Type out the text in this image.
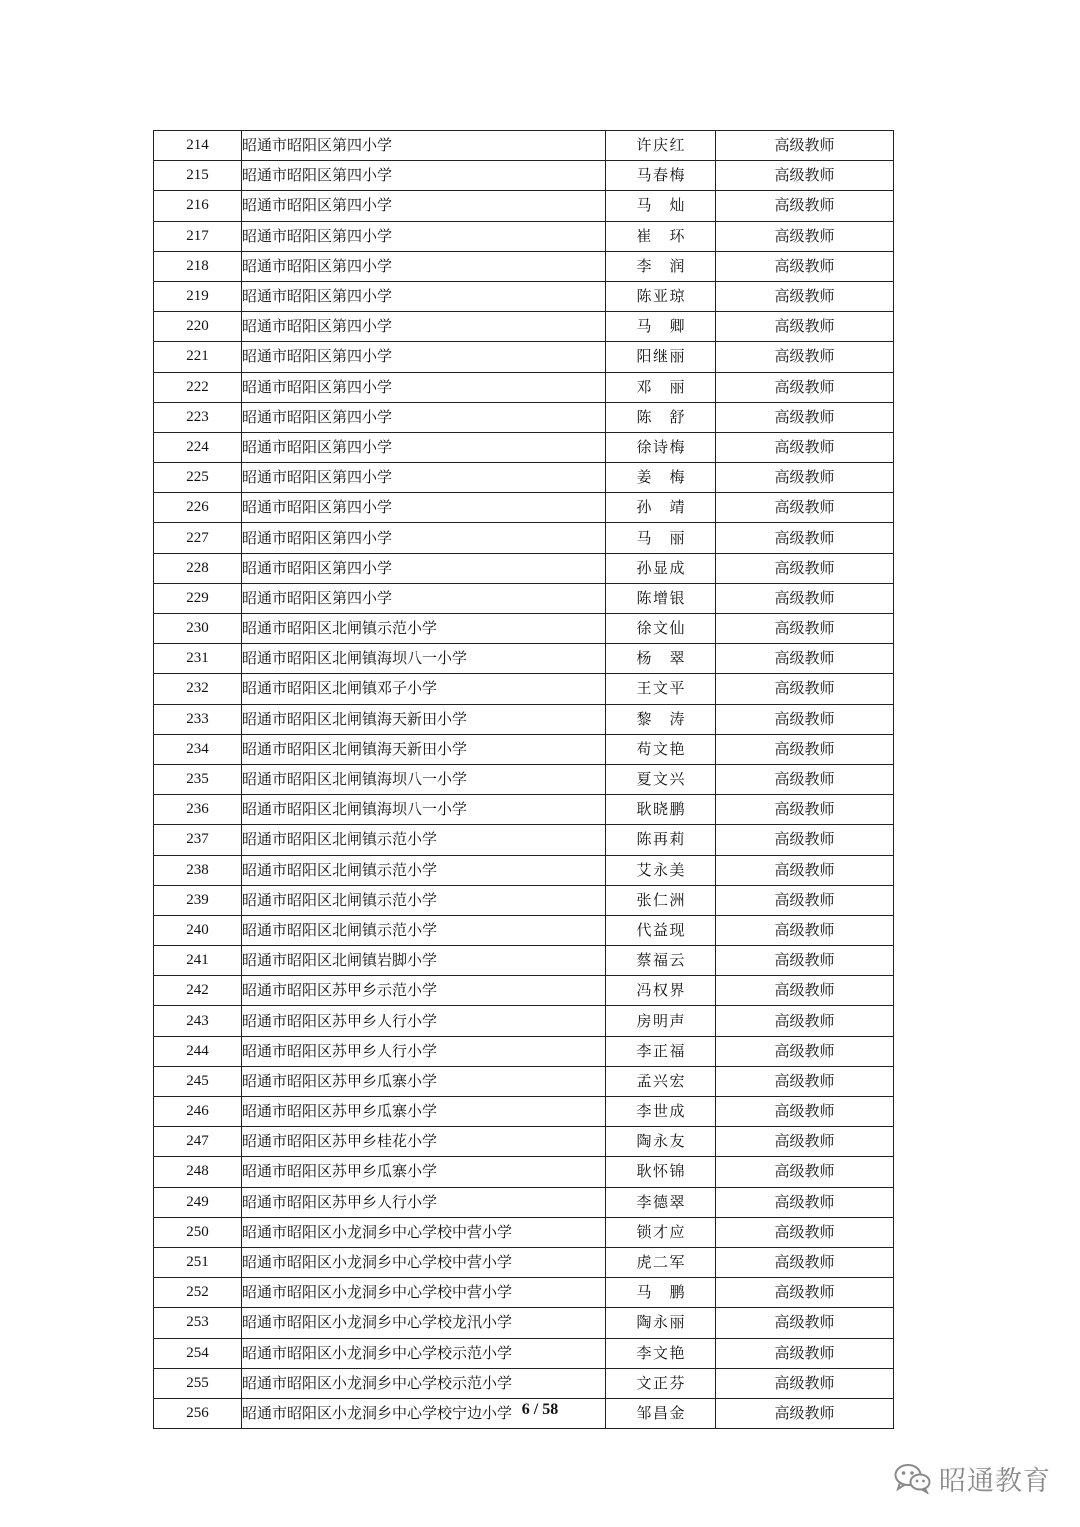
214	昭通市昭阳区第四小学	许庆红	高级教师
215	昭通市昭阳区第四小学	马春梅	高级教师
216	昭通市昭阳区第四小学	马灿	高级教师
217	昭通市昭阳区第四小学	崔环	高级教师
218	昭通市昭阳区第四小学	李润	高级教师
219	昭通市昭阳区第四小学	陈亚琼	高级教师
220	昭通市昭阳区第四小学	马卿	高级教师
221	昭通市昭阳区第四小学	阳继丽	高级教师
222	昭通市昭阳区第四小学	邓丽	高级教师
223	昭通市昭阳区第四小学	陈舒	高级教师
224	昭通市昭阳区第四小学	徐诗梅	高级教师
225	昭通市昭阳区第四小学	姜梅	高级教师
226	昭通市昭阳区第四小学	孙靖	高级教师
227	昭通市昭阳区第四小学	马丽	高级教师
228	昭通市昭阳区第四小学	孙显成	高级教师
229	昭通市昭阳区第四小学	陈增银	高级教师
230	昭通市昭阳区北闸镇示范小学	徐文仙	高级教师
231	昭通市昭阳区北闸镇海坝八一小学	杨翠	高级教师
232	昭通市昭阳区北闸镇邓子小学	王文平	高级教师
233	昭通市昭阳区北闸镇海天新田小学	黎涛	高级教师
234	昭通市昭阳区北闸镇海天新田小学	苟文艳	高级教师
235	昭通市昭阳区北闸镇海坝八一小学	夏文兴	高级教师
236	昭通市昭阳区北闸镇海坝八一小学	耿晓鹏	高级教师
237	昭通市昭阳区北闸镇示范小学	陈再莉	高级教师
238	昭通市昭阳区北闸镇示范小学	艾永美	高级教师
239	昭通市昭阳区北闸镇示范小学	张仁洲	高级教师
240	昭通市昭阳区北闸镇示范小学	代益现	高级教师
241	昭通市昭阳区北闸镇岩脚小学	蔡福云	高级教师
242	昭通市昭阳区苏甲乡示范小学	冯权界	高级教师
243	昭通市昭阳区苏甲乡人行小学	房明声	高级教师
244	昭通市昭阳区苏甲乡人行小学	李正福	高级教师
245	昭通市昭阳区苏甲乡瓜寨小学	孟兴宏	高级教师
246	昭通市昭阳区苏甲乡瓜寨小学	李世成	高级教师
247	昭通市昭阳区苏甲乡桂花小学	陶永友	高级教师
248	昭通市昭阳区苏甲乡瓜寨小学	耿怀锦	高级教师
249	昭通市昭阳区苏甲乡人行小学	李德翠	高级教师
250	昭通市昭阳区小龙洞乡中心学校中营小学	锁才应	高级教师
251	昭通市昭阳区小龙洞乡中心学校中营小学	虎二军	高级教师
252	昭通市昭阳区小龙洞乡中心学校中营小学	马鹏	高级教师
253	昭通市昭阳区小龙洞乡中心学校龙汛小学	陶永丽	高级教师
254	昭通市昭阳区小龙洞乡中心学校示范小学	李文艳	高级教师
255	昭通市昭阳区小龙洞乡中心学校示范小学	文正芬	高级教师
256	昭通市昭阳区小龙洞乡中心学校宁边小学	邹昌金	高级教师
6 / 58
昭通教育
